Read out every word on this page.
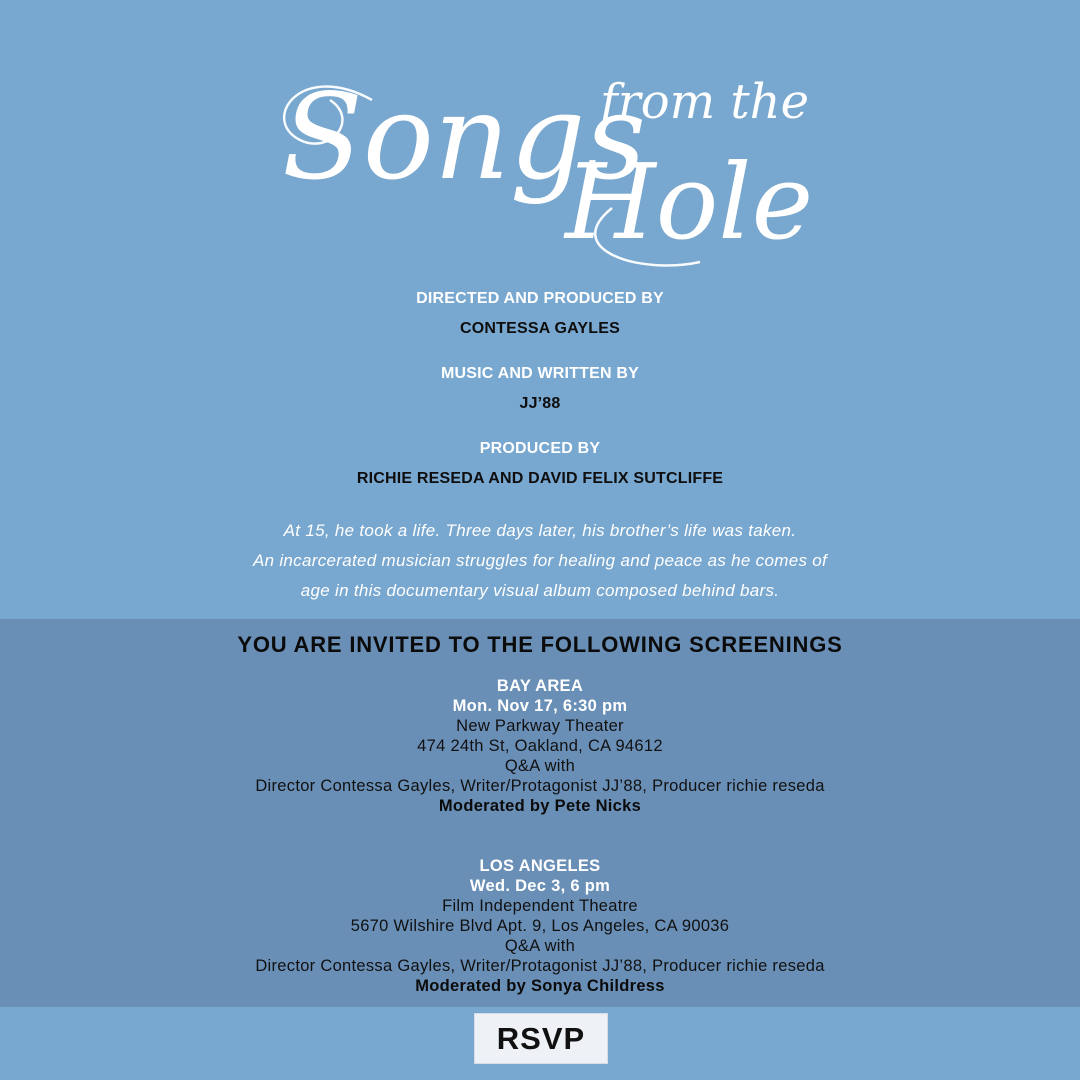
Songs
from the
Hole
DIRECTED AND PRODUCED BY
CONTESSA GAYLES
MUSIC AND WRITTEN BY
JJ’88
PRODUCED BY
RICHIE RESEDA AND DAVID FELIX SUTCLIFFE
At 15, he took a life. Three days later, his brother’s life was taken.
An incarcerated musician struggles for healing and peace as he comes of
age in this documentary visual album composed behind bars.
YOU ARE INVITED TO THE FOLLOWING SCREENINGS
BAY AREA
Mon. Nov 17, 6:30 pm
New Parkway Theater
474 24th St, Oakland, CA 94612
Q&A with
Director Contessa Gayles, Writer/Protagonist JJ’88, Producer richie reseda
Moderated by Pete Nicks
LOS ANGELES
Wed. Dec 3, 6 pm
Film Independent Theatre
5670 Wilshire Blvd Apt. 9, Los Angeles, CA 90036
Q&A with
Director Contessa Gayles, Writer/Protagonist JJ’88, Producer richie reseda
Moderated by Sonya Childress
RSVP
